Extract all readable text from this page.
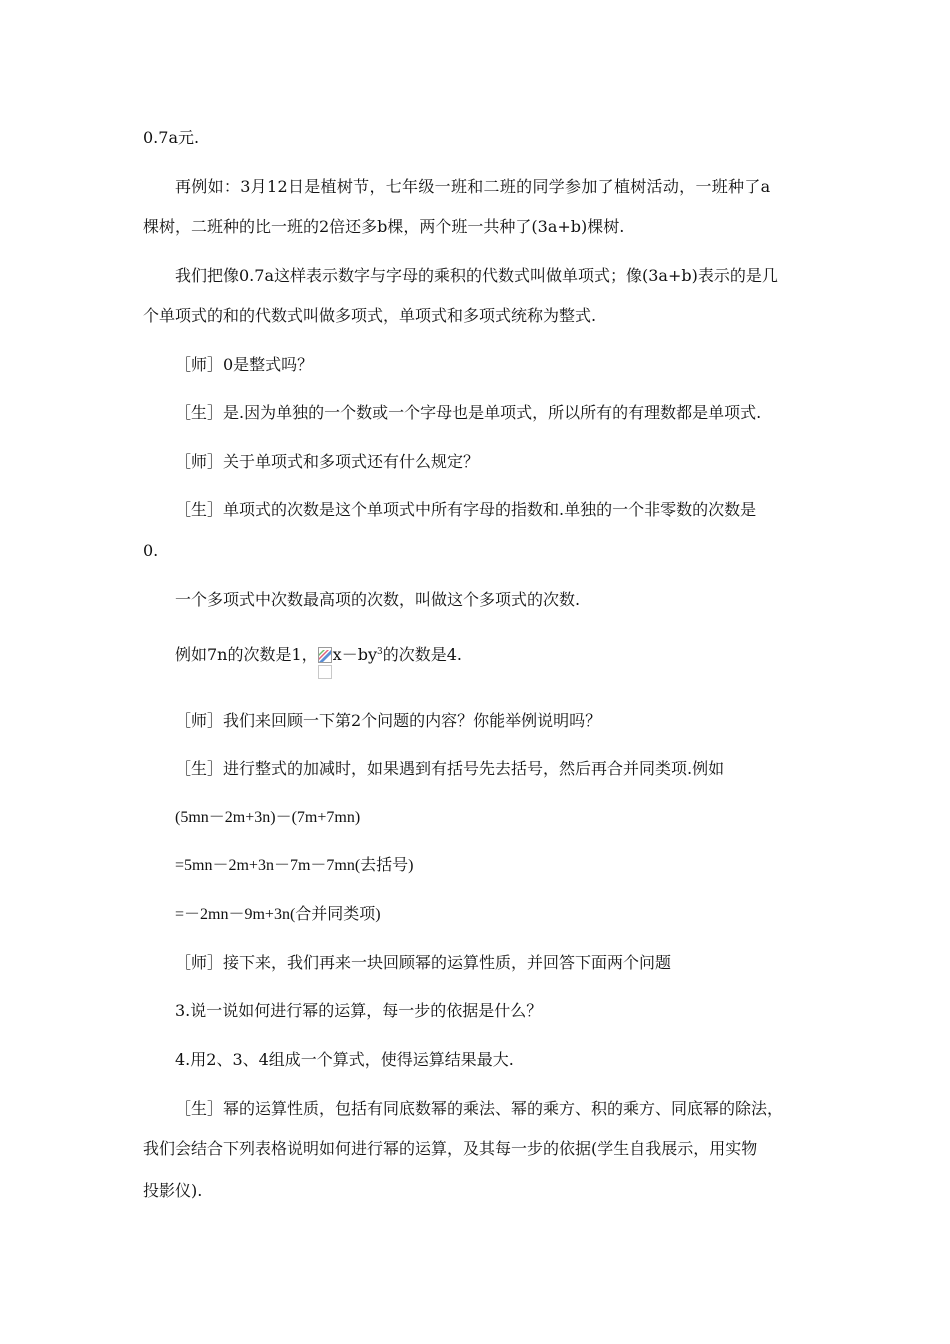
0.7a元.
再例如：3月12日是植树节，七年级一班和二班的同学参加了植树活动，一班种了a
棵树，二班种的比一班的2倍还多b棵，两个班一共种了(3a+b)棵树.
我们把像0.7a这样表示数字与字母的乘积的代数式叫做单项式；像(3a+b)表示的是几
个单项式的和的代数式叫做多项式，单项式和多项式统称为整式.
［师］0是整式吗？
［生］是.因为单独的一个数或一个字母也是单项式，所以所有的有理数都是单项式.
［师］关于单项式和多项式还有什么规定？
［生］单项式的次数是这个单项式中所有字母的指数和.单独的一个非零数的次数是
0.
一个多项式中次数最高项的次数，叫做这个多项式的次数.
例如7n的次数是1， $x-by^3$的次数是4.
［师］我们来回顾一下第2个问题的内容？你能举例说明吗？
［生］进行整式的加减时，如果遇到有括号先去括号，然后再合并同类项.例如
(5mn－2m+3n)－(7m+7mn)
=5mn－2m+3n－7m－7mn(去括号)
=－2mn－9m+3n(合并同类项)
［师］接下来，我们再来一块回顾幂的运算性质，并回答下面两个问题
3.说一说如何进行幂的运算，每一步的依据是什么？
4.用2、3、4组成一个算式，使得运算结果最大.
［生］幂的运算性质，包括有同底数幂的乘法、幂的乘方、积的乘方、同底幂的除法，
我们会结合下列表格说明如何进行幂的运算，及其每一步的依据(学生自我展示，用实物
投影仪).
